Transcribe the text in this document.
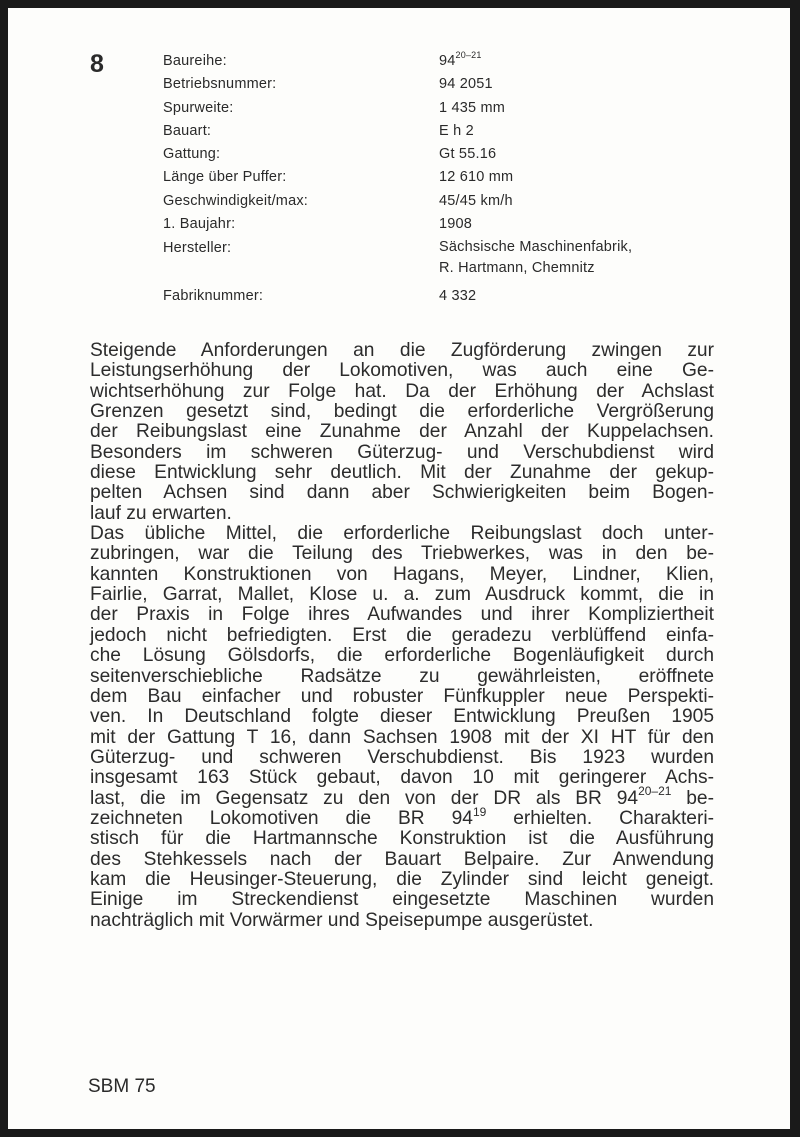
8	Baureihe:	94$^{20-21}$
Betriebsnummer:	94 2051
Spurweite:	1 435 mm
Bauart:	E h 2
Gattung:	Gt 55.16
Länge über Puffer:	12 610 mm
Geschwindigkeit/max:	45/45 km/h
1. Baujahr:	1908
Hersteller:	Sächsische Maschinenfabrik,
R. Hartmann, Chemnitz
Fabriknummer:	4 332
Steigende Anforderungen an die Zugförderung zwingen zur
Leistungserhöhung der Lokomotiven, was auch eine Ge-
wichtserhöhung zur Folge hat. Da der Erhöhung der Achslast
Grenzen gesetzt sind, bedingt die erforderliche Vergrößerung
der Reibungslast eine Zunahme der Anzahl der Kuppelachsen.
Besonders im schweren Güterzug- und Verschubdienst wird
diese Entwicklung sehr deutlich. Mit der Zunahme der gekup-
pelten Achsen sind dann aber Schwierigkeiten beim Bogen-
lauf zu erwarten.
Das übliche Mittel, die erforderliche Reibungslast doch unter-
zubringen, war die Teilung des Triebwerkes, was in den be-
kannten Konstruktionen von Hagans, Meyer, Lindner, Klien,
Fairlie, Garrat, Mallet, Klose u. a. zum Ausdruck kommt, die in
der Praxis in Folge ihres Aufwandes und ihrer Kompliziertheit
jedoch nicht befriedigten. Erst die geradezu verblüffend einfa-
che Lösung Gölsdorfs, die erforderliche Bogenläufigkeit durch
seitenverschiebliche Radsätze zu gewährleisten, eröffnete
dem Bau einfacher und robuster Fünfkuppler neue Perspekti-
ven. In Deutschland folgte dieser Entwicklung Preußen 1905
mit der Gattung T 16, dann Sachsen 1908 mit der XI HT für den
Güterzug- und schweren Verschubdienst. Bis 1923 wurden
insgesamt 163 Stück gebaut, davon 10 mit geringerer Achs-
last, die im Gegensatz zu den von der DR als BR 94$^{20-21}$ be-
zeichneten Lokomotiven die BR $94^{19}$ erhielten. Charakteri-
stisch für die Hartmannsche Konstruktion ist die Ausführung
des Stehkessels nach der Bauart Belpaire. Zur Anwendung
kam die Heusinger-Steuerung, die Zylinder sind leicht geneigt.
Einige im Streckendienst eingesetzte Maschinen wurden
nachträglich mit Vorwärmer und Speisepumpe ausgerüstet.
SBM 75
